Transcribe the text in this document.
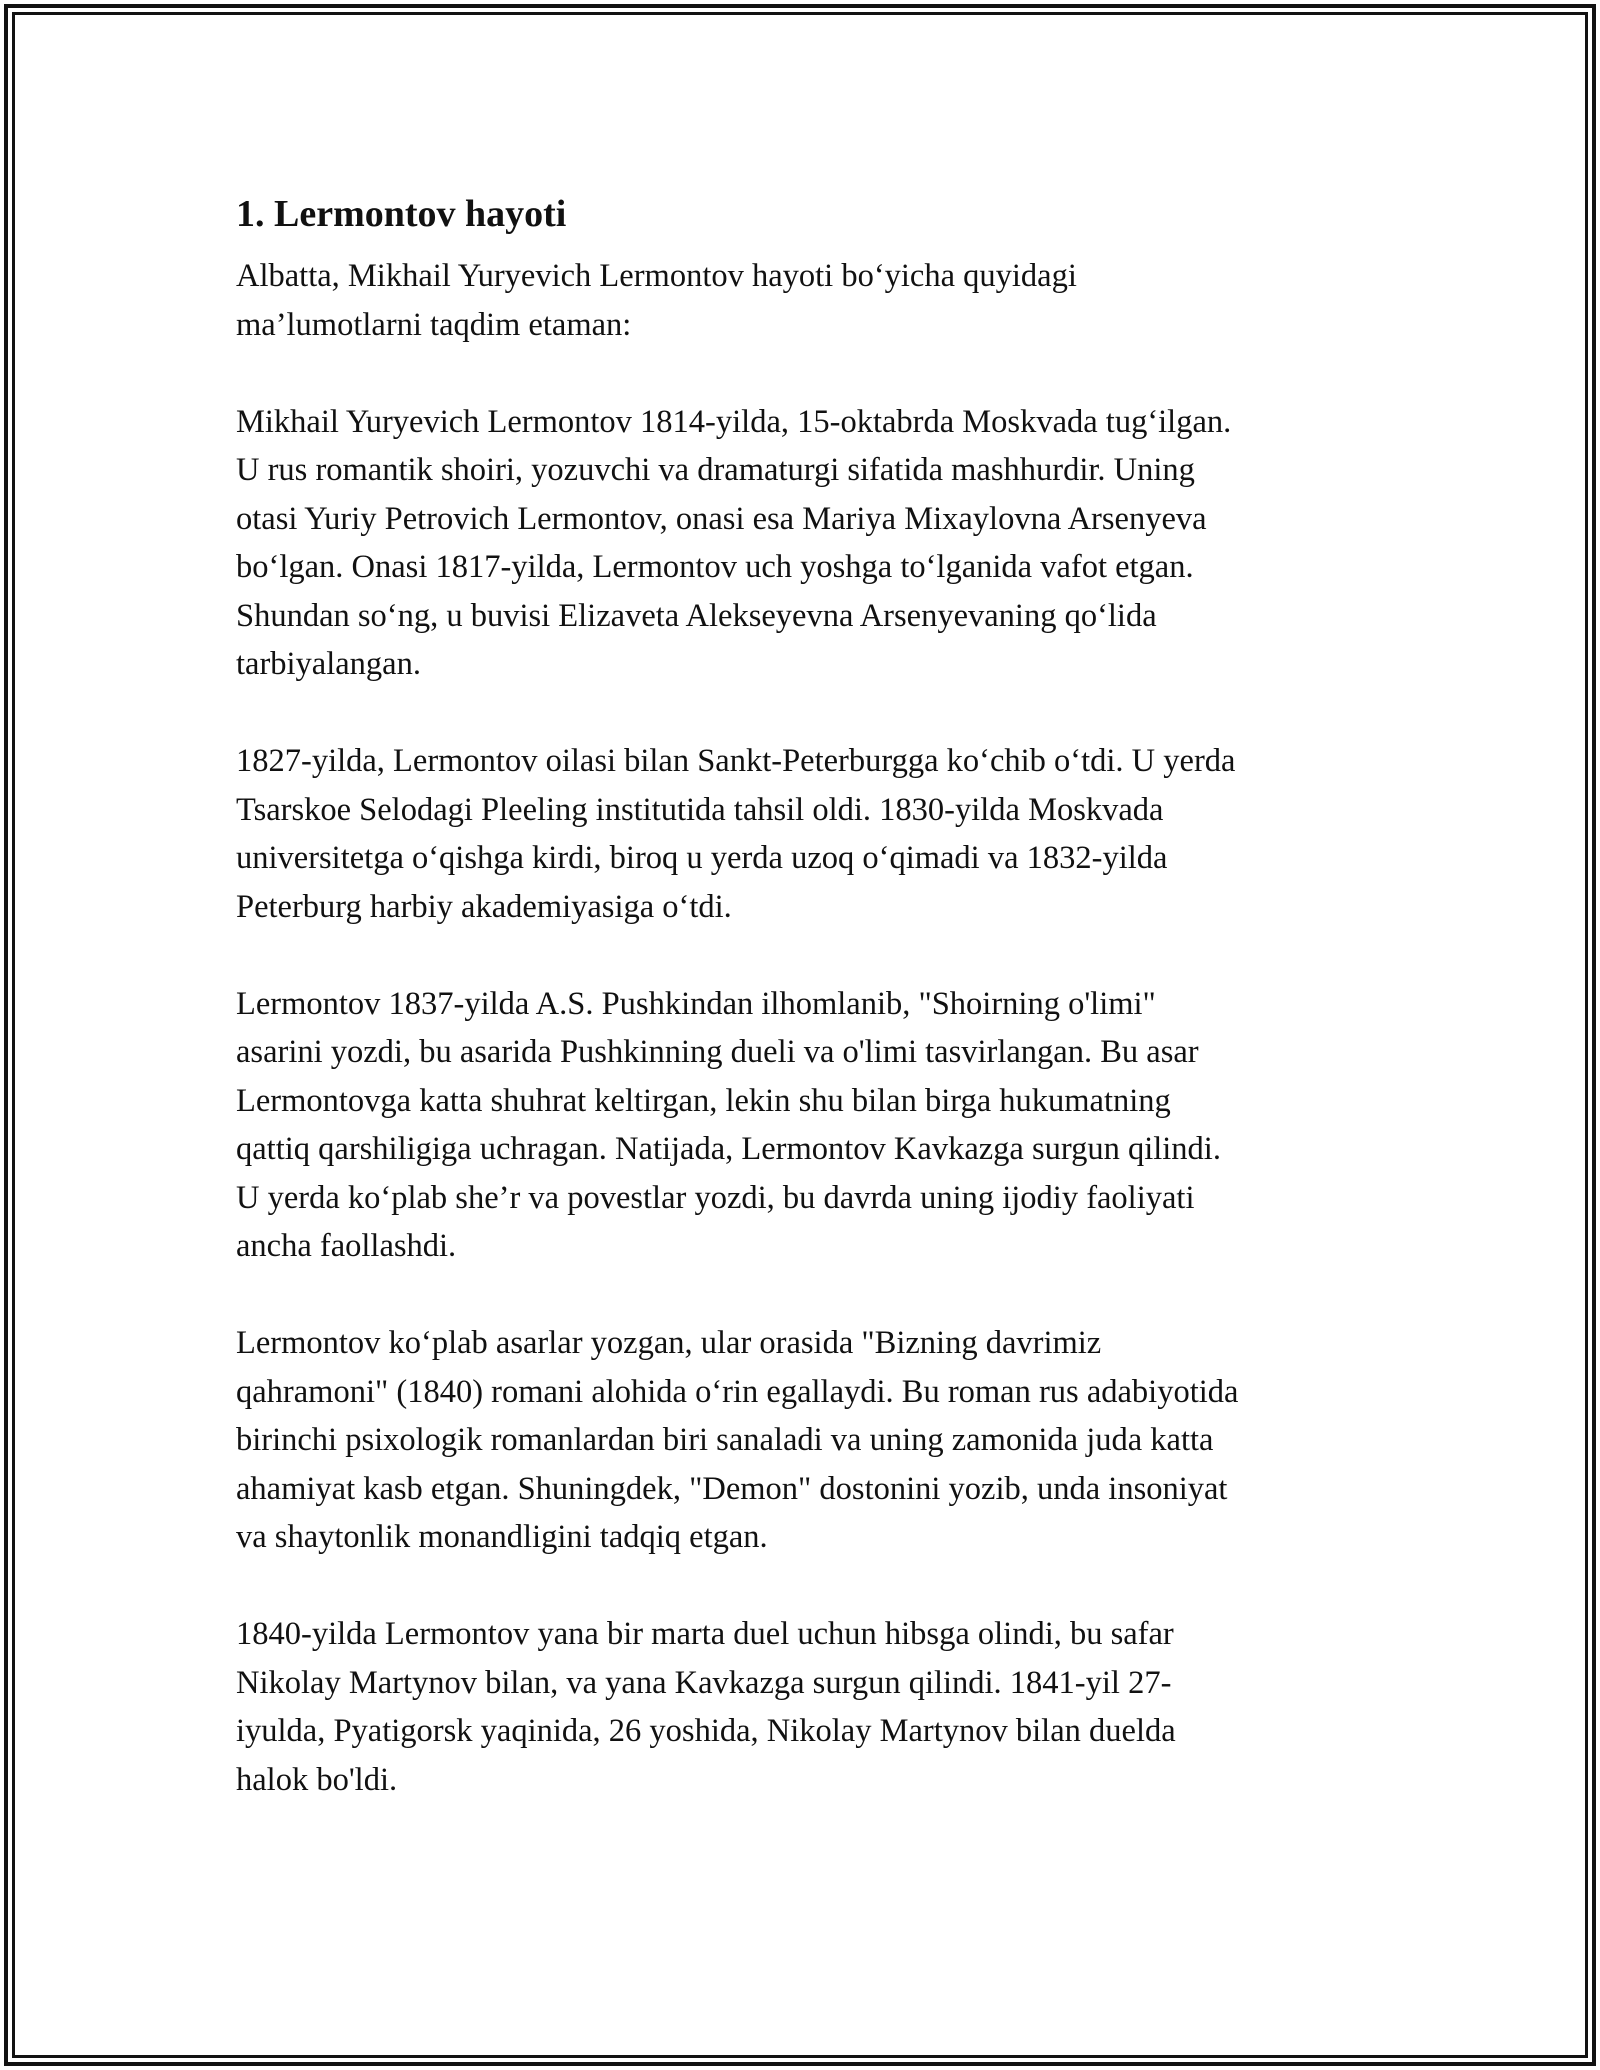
1. Lermontov hayoti
Albatta, Mikhail Yuryevich Lermontov hayoti bo‘yicha quyidagi
ma’lumotlarni taqdim etaman:
Mikhail Yuryevich Lermontov 1814-yilda, 15-oktabrda Moskvada tug‘ilgan.
U rus romantik shoiri, yozuvchi va dramaturgi sifatida mashhurdir. Uning
otasi Yuriy Petrovich Lermontov, onasi esa Mariya Mixaylovna Arsenyeva
bo‘lgan. Onasi 1817-yilda, Lermontov uch yoshga to‘lganida vafot etgan.
Shundan so‘ng, u buvisi Elizaveta Alekseyevna Arsenyevaning qo‘lida
tarbiyalangan.
1827-yilda, Lermontov oilasi bilan Sankt-Peterburgga ko‘chib o‘tdi. U yerda
Tsarskoe Selodagi Pleeling institutida tahsil oldi. 1830-yilda Moskvada
universitetga o‘qishga kirdi, biroq u yerda uzoq o‘qimadi va 1832-yilda
Peterburg harbiy akademiyasiga o‘tdi.
Lermontov 1837-yilda A.S. Pushkindan ilhomlanib, "Shoirning o'limi"
asarini yozdi, bu asarida Pushkinning dueli va o'limi tasvirlangan. Bu asar
Lermontovga katta shuhrat keltirgan, lekin shu bilan birga hukumatning
qattiq qarshiligiga uchragan. Natijada, Lermontov Kavkazga surgun qilindi.
U yerda ko‘plab she’r va povestlar yozdi, bu davrda uning ijodiy faoliyati
ancha faollashdi.
Lermontov ko‘plab asarlar yozgan, ular orasida "Bizning davrimiz
qahramoni" (1840) romani alohida o‘rin egallaydi. Bu roman rus adabiyotida
birinchi psixologik romanlardan biri sanaladi va uning zamonida juda katta
ahamiyat kasb etgan. Shuningdek, "Demon" dostonini yozib, unda insoniyat
va shaytonlik monandligini tadqiq etgan.
1840-yilda Lermontov yana bir marta duel uchun hibsga olindi, bu safar
Nikolay Martynov bilan, va yana Kavkazga surgun qilindi. 1841-yil 27-
iyulda, Pyatigorsk yaqinida, 26 yoshida, Nikolay Martynov bilan duelda
halok bo'ldi.
